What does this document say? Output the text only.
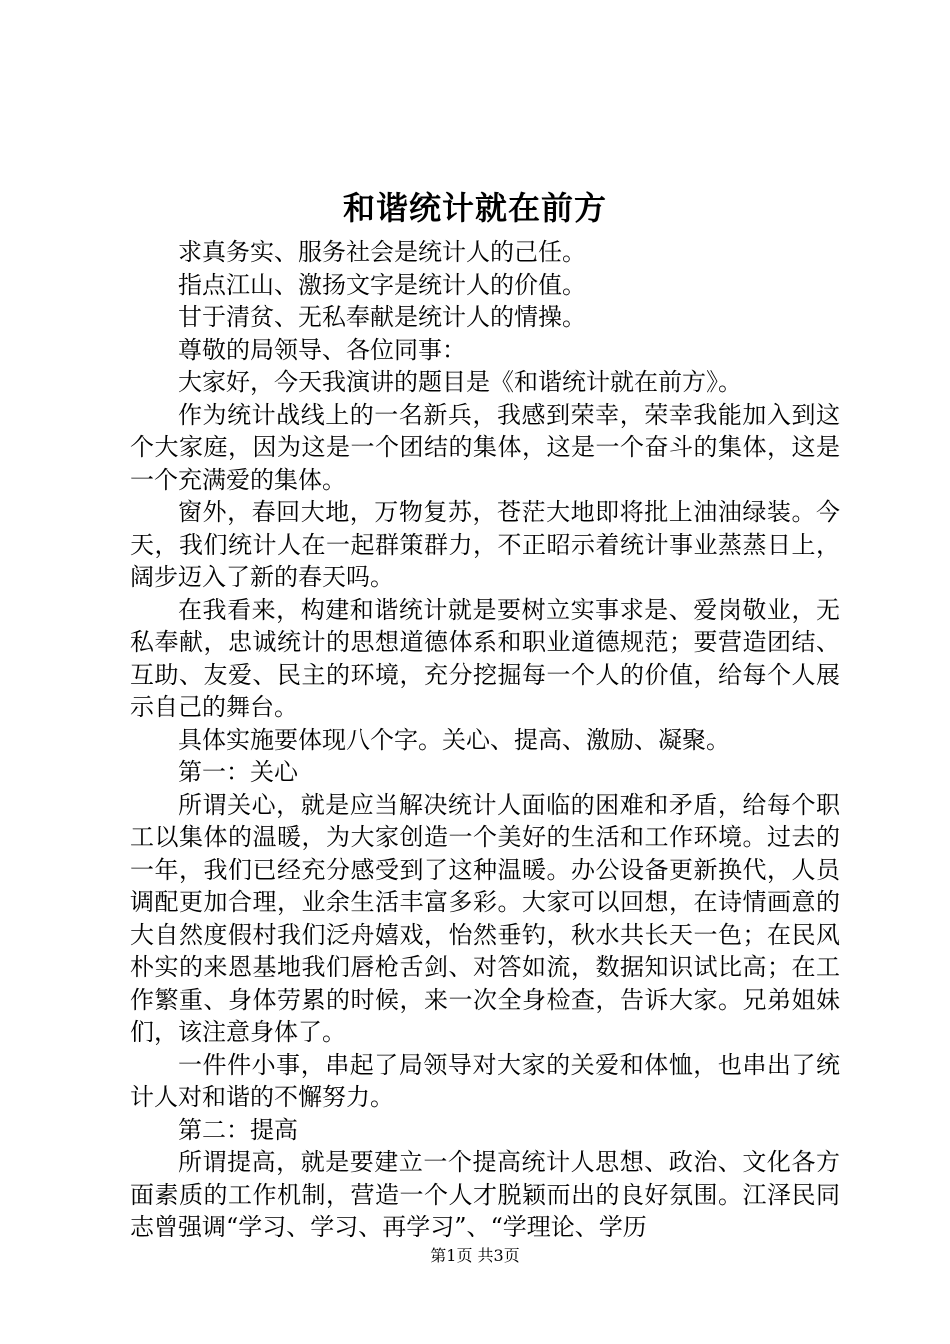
和谐统计就在前方

求真务实、服务社会是统计人的己任。

指点江山、激扬文字是统计人的价值。

甘于清贫、无私奉献是统计人的情操。

尊敬的局领导、各位同事：

大家好，今天我演讲的题目是《和谐统计就在前方》。

作为统计战线上的一名新兵，我感到荣幸，荣幸我能加入到这个大家庭，因为这是一个团结的集体，这是一个奋斗的集体，这是一个充满爱的集体。

窗外，春回大地，万物复苏，苍茫大地即将批上油油绿装。今天，我们统计人在一起群策群力，不正昭示着统计事业蒸蒸日上，阔步迈入了新的春天吗。

在我看来，构建和谐统计就是要树立实事求是、爱岗敬业，无私奉献，忠诚统计的思想道德体系和职业道德规范；要营造团结、互助、友爱、民主的环境，充分挖掘每一个人的价值，给每个人展示自己的舞台。

具体实施要体现八个字。关心、提高、激励、凝聚。

第一：关心

所谓关心，就是应当解决统计人面临的困难和矛盾，给每个职工以集体的温暖，为大家创造一个美好的生活和工作环境。过去的一年，我们已经充分感受到了这种温暖。办公设备更新换代，人员调配更加合理，业余生活丰富多彩。大家可以回想，在诗情画意的大自然度假村我们泛舟嬉戏，怡然垂钓，秋水共长天一色；在民风朴实的来恩基地我们唇枪舌剑、对答如流，数据知识试比高；在工作繁重、身体劳累的时候，来一次全身检查，告诉大家。兄弟姐妹们，该注意身体了。

一件件小事，串起了局领导对大家的关爱和体恤，也串出了统计人对和谐的不懈努力。

第二：提高

所谓提高，就是要建立一个提高统计人思想、政治、文化各方面素质的工作机制，营造一个人才脱颖而出的良好氛围。江泽民同志曾强调“学习、学习、再学习”、“学理论、学历

第1页 共3页
